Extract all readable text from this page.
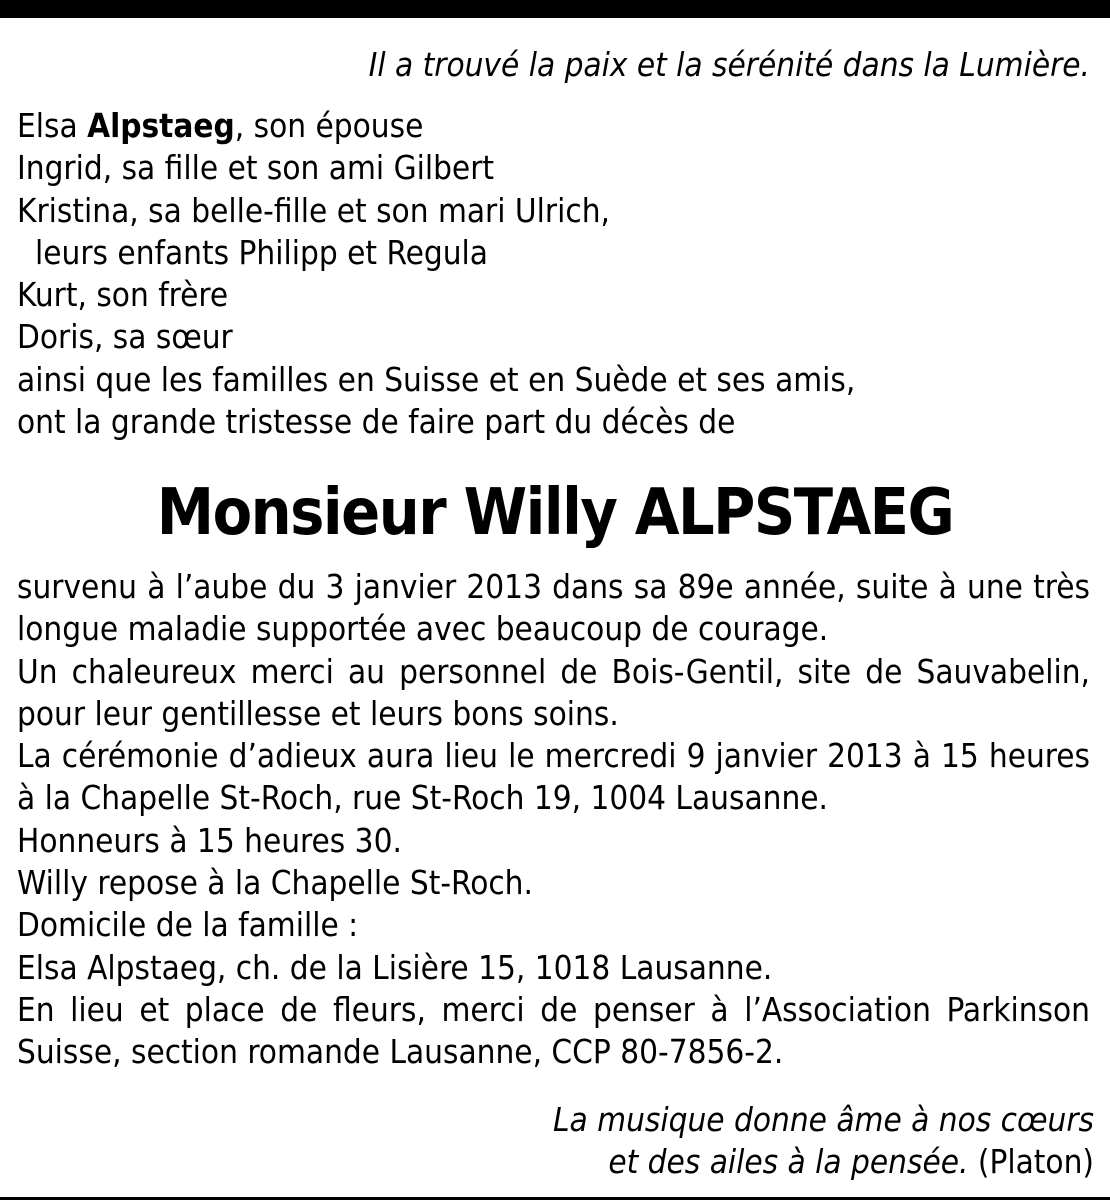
Il a trouvé la paix et la sérénité dans la Lumière.
Elsa Alpstaeg, son épouse
Ingrid, sa fille et son ami Gilbert
Kristina, sa belle-fille et son mari Ulrich,
leurs enfants Philipp et Regula
Kurt, son frère
Doris, sa sœur
ainsi que les familles en Suisse et en Suède et ses amis,
ont la grande tristesse de faire part du décès de
Monsieur Willy ALPSTAEG
survenu à l’aube du 3 janvier 2013 dans sa 89e année, suite à une très
longue maladie supportée avec beaucoup de courage.
Un chaleureux merci au personnel de Bois-Gentil, site de Sauvabelin,
pour leur gentillesse et leurs bons soins.
La cérémonie d’adieux aura lieu le mercredi 9 janvier 2013 à 15 heures
à la Chapelle St-Roch, rue St-Roch 19, 1004 Lausanne.
Honneurs à 15 heures 30.
Willy repose à la Chapelle St-Roch.
Domicile de la famille :
Elsa Alpstaeg, ch. de la Lisière 15, 1018 Lausanne.
En lieu et place de fleurs, merci de penser à l’Association Parkinson
Suisse, section romande Lausanne, CCP 80-7856-2.
La musique donne âme à nos cœurs
et des ailes à la pensée. (Platon)
